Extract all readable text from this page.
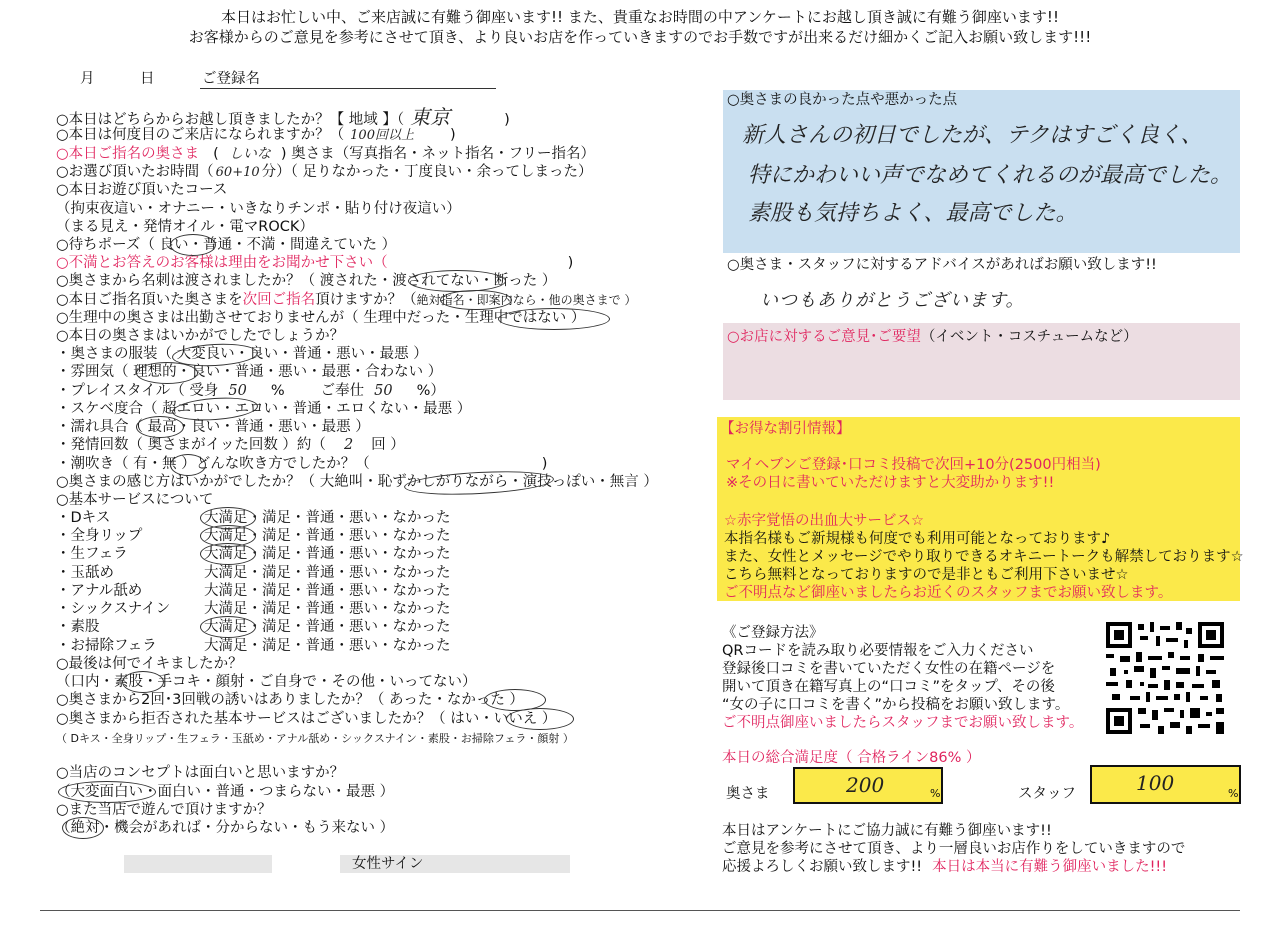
本日はお忙しい中、ご来店誠に有難う御座います!! また、貴重なお時間の中アンケートにお越し頂き誠に有難う御座います!!
お客様からのご意見を参考にさせて頂き、より良いお店を作っていきますのでお手数ですが出来るだけ細かくご記入お願い致します!!!
月	日	ご登録名
○本日はどちらからお越し頂きましたか？【 地域 】（ 東京	)
○本日は何度目のご来店になられますか？（ 100回以上 )
○本日ご指名の奥さま ( しいな ) 奥さま（写真指名・ネット指名・フリー指名）
○お選び頂いたお時間（ 60+10 分）（ 足りなかった・丁度良い・余ってしまった）
○本日お遊び頂いたコース
（拘束夜這い・オナニー・いきなりチンポ・貼り付け夜這い）
（まる見え・発情オイル・電マROCK）
○待ちポーズ（ 良い・普通・不満・間違えていた ）
○不満とお答えのお客様は理由をお聞かせ下さい（	)
○奥さまから名刺は渡されましたか？（ 渡された・渡されてない・断った ）
○本日ご指名頂いた奥さまを次回ご指名頂けますか？（絶対指名・即案内なら・他の奥さまで ）
○生理中の奥さまは出勤させておりませんが（ 生理中だった・生理中ではない ）
○本日の奥さまはいかがでしたでしょうか？
・奥さまの服装（ 大変良い・良い・普通・悪い・最悪 ）
・雰囲気（ 理想的・良い・普通・悪い・最悪・合わない ）
・プレイスタイル（ 受身 50 % ご奉仕 50 %）
・スケベ度合（ 超エロい・エロい・普通・エロくない・最悪 ）
・濡れ具合（ 最高・良い・普通・悪い・最悪 ）
・発情回数（ 奥さまがイッた回数 ）約（ 2 回 ）
・潮吹き（ 有・無 ）どんな吹き方でしたか？（	)
○奥さまの感じ方はいかがでしたか？（ 大絶叫・恥ずかしがりながら・演技っぽい・無言 ）
○基本サービスについて
・Dキス	大満足・満足・普通・悪い・なかった
・全身リップ	大満足・満足・普通・悪い・なかった
・生フェラ	大満足・満足・普通・悪い・なかった
・玉舐め	大満足・満足・普通・悪い・なかった
・アナル舐め	大満足・満足・普通・悪い・なかった
・シックスナイン 大満足・満足・普通・悪い・なかった
・素股	大満足・満足・普通・悪い・なかった
・お掃除フェラ	大満足・満足・普通・悪い・なかった
○最後は何でイキましたか？
（口内・素股・手コキ・顔射・ご自身で・その他・いってない）
○奥さまから2回･3回戦の誘いはありましたか？（ あった・なかった ）
○奥さまから拒否された基本サービスはございましたか？（ はい・いいえ ）
（ Dキス・全身リップ・生フェラ・玉舐め・アナル舐め・シックスナイン・素股・お掃除フェラ・顔射 ）
○当店のコンセプトは面白いと思いますか？
（大変面白い・面白い・普通・つまらない・最悪 ）
○また当店で遊んで頂けますか？
（絶対・機会があれば・分からない・もう来ない ）
女性サイン
○奥さまの良かった点や悪かった点
新人さんの初日でしたが、テクはすごく良く、
特にかわいい声でなめてくれるのが最高でした。
素股も気持ちよく、最高でした。
○奥さま・スタッフに対するアドバイスがあればお願い致します!!
いつもありがとうございます。
○お店に対するご意見･ご要望（イベント・コスチュームなど）
【お得な割引情報】
マイヘブンご登録･口コミ投稿で次回+10分(2500円相当)
※その日に書いていただけますと大変助かります!!
☆赤字覚悟の出血大サービス☆
本指名様もご新規様も何度でも利用可能となっております♪
また、女性とメッセージでやり取りできるオキニートークも解禁しております☆
こちら無料となっておりますので是非ともご利用下さいませ☆
ご不明点など御座いましたらお近くのスタッフまでお願い致します。
《ご登録方法》
QRコードを読み取り必要情報をご入力ください
登録後口コミを書いていただく女性の在籍ページを
開いて頂き在籍写真上の“口コミ”をタップ、その後
“女の子に口コミを書く”から投稿をお願い致します。
ご不明点御座いましたらスタッフまでお願い致します。
本日の総合満足度（ 合格ライン86% ）
奥さま	200	%	スタッフ	100	%
本日はアンケートにご協力誠に有難う御座います!!
ご意見を参考にさせて頂き、より一層良いお店作りをしていきますので
応援よろしくお願い致します!! 本日は本当に有難う御座いました!!!
